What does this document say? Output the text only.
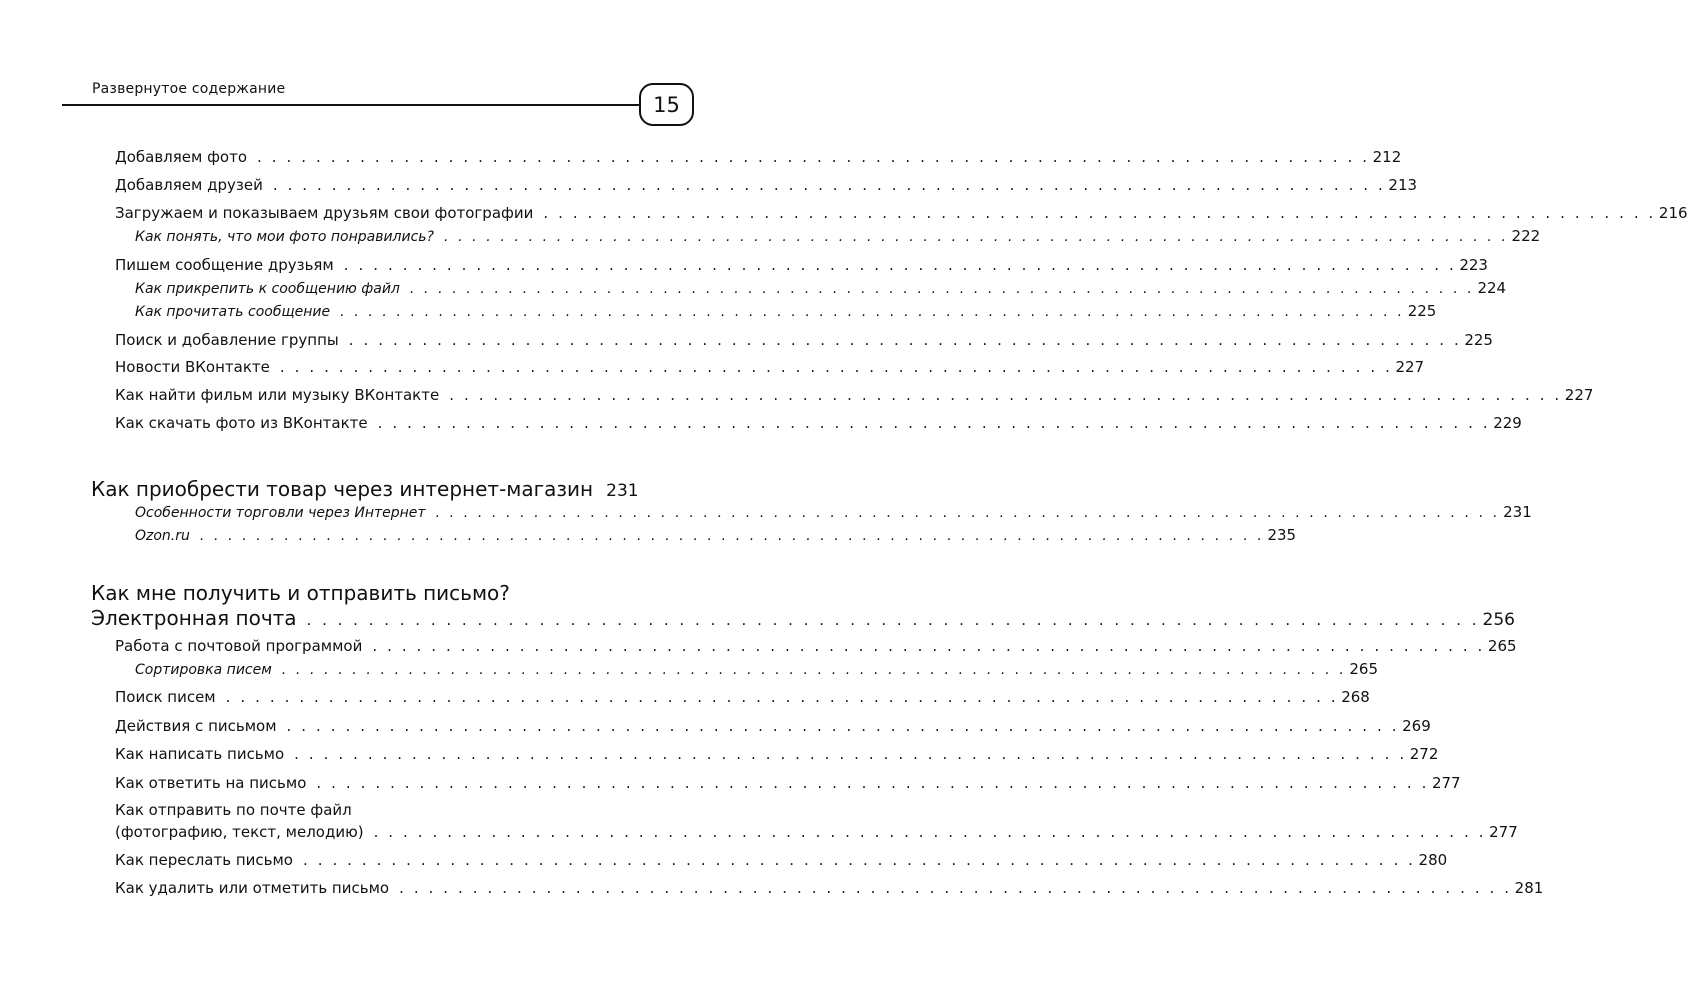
Развернутое содержание
15
Добавляем фото . . . . . . . . . . . . . . . . . . . . . . . . . . . . . . . . . . . . . . . . . . . . . . . . . . . . . . . . . . . . . . . . . . . . . . . . . . . . 212
Добавляем друзей . . . . . . . . . . . . . . . . . . . . . . . . . . . . . . . . . . . . . . . . . . . . . . . . . . . . . . . . . . . . . . . . . . . . . . . . . . . . 213
Загружаем и показываем друзьям свои фотографии . . . . . . . . . . . . . . . . . . . . . . . . . . . . . . . . . . . . . . . . . . . . . . . . . . . . . . . . . . . . . . . . . . . . . . . . . . . . 216
Как понять, что мои фото понравились? . . . . . . . . . . . . . . . . . . . . . . . . . . . . . . . . . . . . . . . . . . . . . . . . . . . . . . . . . . . . . . . . . . . . . . . . . . . . 222
Пишем сообщение друзьям . . . . . . . . . . . . . . . . . . . . . . . . . . . . . . . . . . . . . . . . . . . . . . . . . . . . . . . . . . . . . . . . . . . . . . . . . . . . 223
Как прикрепить к сообщению файл . . . . . . . . . . . . . . . . . . . . . . . . . . . . . . . . . . . . . . . . . . . . . . . . . . . . . . . . . . . . . . . . . . . . . . . . . . . . 224
Как прочитать сообщение . . . . . . . . . . . . . . . . . . . . . . . . . . . . . . . . . . . . . . . . . . . . . . . . . . . . . . . . . . . . . . . . . . . . . . . . . . . . 225
Поиск и добавление группы . . . . . . . . . . . . . . . . . . . . . . . . . . . . . . . . . . . . . . . . . . . . . . . . . . . . . . . . . . . . . . . . . . . . . . . . . . . . 225
Новости ВКонтакте . . . . . . . . . . . . . . . . . . . . . . . . . . . . . . . . . . . . . . . . . . . . . . . . . . . . . . . . . . . . . . . . . . . . . . . . . . . . 227
Как найти фильм или музыку ВКонтакте . . . . . . . . . . . . . . . . . . . . . . . . . . . . . . . . . . . . . . . . . . . . . . . . . . . . . . . . . . . . . . . . . . . . . . . . . . . . 227
Как скачать фото из ВКонтакте . . . . . . . . . . . . . . . . . . . . . . . . . . . . . . . . . . . . . . . . . . . . . . . . . . . . . . . . . . . . . . . . . . . . . . . . . . . . 229
Как приобрести товар через интернет-магазин 231
Особенности торговли через Интернет . . . . . . . . . . . . . . . . . . . . . . . . . . . . . . . . . . . . . . . . . . . . . . . . . . . . . . . . . . . . . . . . . . . . . . . . . . . . 231
Ozon.ru . . . . . . . . . . . . . . . . . . . . . . . . . . . . . . . . . . . . . . . . . . . . . . . . . . . . . . . . . . . . . . . . . . . . . . . . . . . . 235
Как мне получить и отправить письмо?
Электронная почта . . . . . . . . . . . . . . . . . . . . . . . . . . . . . . . . . . . . . . . . . . . . . . . . . . . . . . . . . . . . . . . . . . . . . . . . . . . . 256
Работа с почтовой программой . . . . . . . . . . . . . . . . . . . . . . . . . . . . . . . . . . . . . . . . . . . . . . . . . . . . . . . . . . . . . . . . . . . . . . . . . . . . 265
Сортировка писем . . . . . . . . . . . . . . . . . . . . . . . . . . . . . . . . . . . . . . . . . . . . . . . . . . . . . . . . . . . . . . . . . . . . . . . . . . . . 265
Поиск писем . . . . . . . . . . . . . . . . . . . . . . . . . . . . . . . . . . . . . . . . . . . . . . . . . . . . . . . . . . . . . . . . . . . . . . . . . . . . 268
Действия с письмом . . . . . . . . . . . . . . . . . . . . . . . . . . . . . . . . . . . . . . . . . . . . . . . . . . . . . . . . . . . . . . . . . . . . . . . . . . . . 269
Как написать письмо . . . . . . . . . . . . . . . . . . . . . . . . . . . . . . . . . . . . . . . . . . . . . . . . . . . . . . . . . . . . . . . . . . . . . . . . . . . . 272
Как ответить на письмо . . . . . . . . . . . . . . . . . . . . . . . . . . . . . . . . . . . . . . . . . . . . . . . . . . . . . . . . . . . . . . . . . . . . . . . . . . . . 277
Как отправить по почте файл
(фотографию, текст, мелодию) . . . . . . . . . . . . . . . . . . . . . . . . . . . . . . . . . . . . . . . . . . . . . . . . . . . . . . . . . . . . . . . . . . . . . . . . . . . . 277
Как переслать письмо . . . . . . . . . . . . . . . . . . . . . . . . . . . . . . . . . . . . . . . . . . . . . . . . . . . . . . . . . . . . . . . . . . . . . . . . . . . . 280
Как удалить или отметить письмо . . . . . . . . . . . . . . . . . . . . . . . . . . . . . . . . . . . . . . . . . . . . . . . . . . . . . . . . . . . . . . . . . . . . . . . . . . . . 281
